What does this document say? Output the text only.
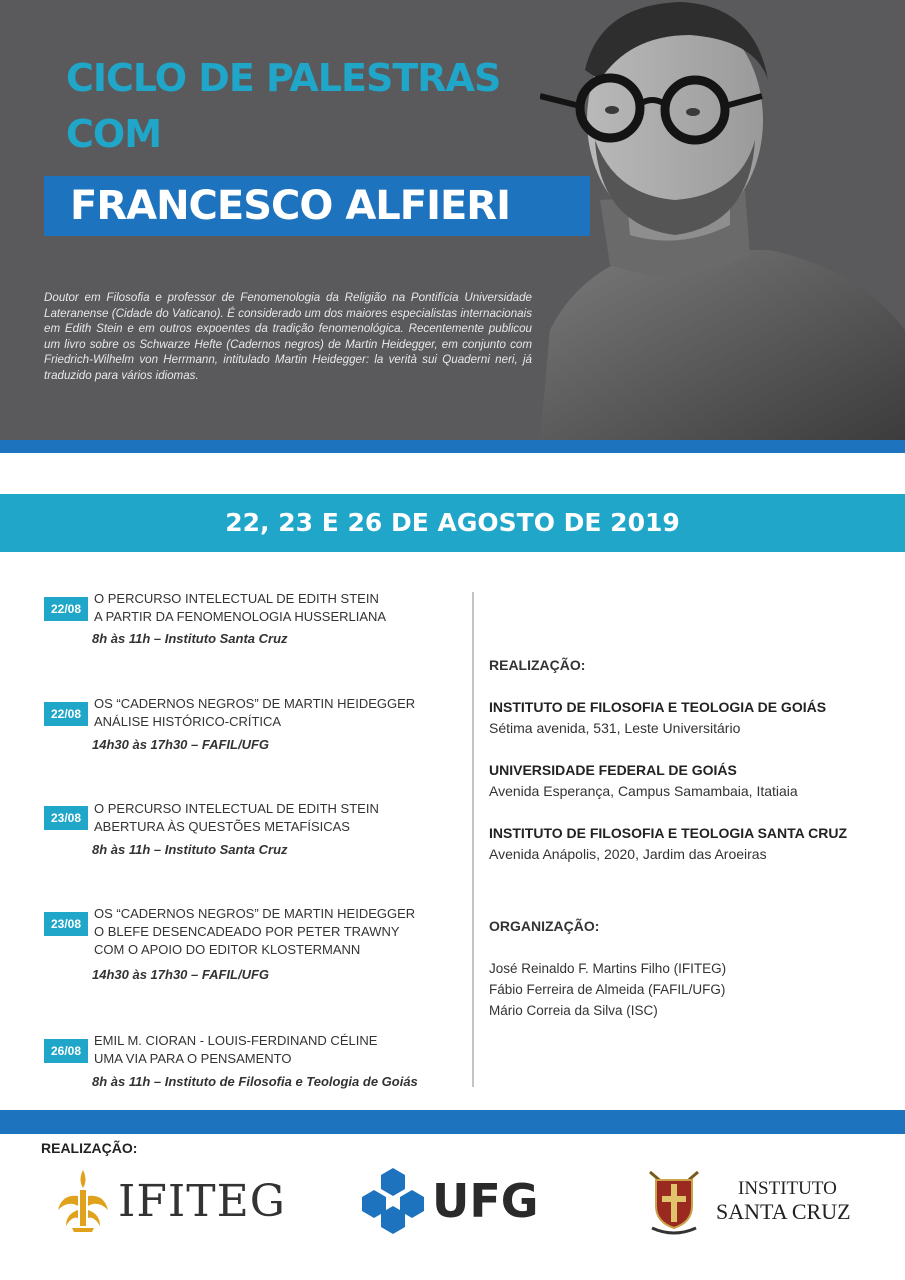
CICLO DE PALESTRAS
COM
FRANCESCO ALFIERI
Doutor em Filosofia e professor de Fenomenologia da Religião na Pontifícia Universidade Lateranense (Cidade do Vaticano). É considerado um dos maiores especialistas internacionais em Edith Stein e em outros expoentes da tradição fenomenológica. Recentemente publicou um livro sobre os Schwarze Hefte (Cadernos negros) de Martin Heidegger, em conjunto com Friedrich-Wilhelm von Herrmann, intitulado Martin Heidegger: la verità sui Quaderni neri, já traduzido para vários idiomas.
22, 23 E 26 DE AGOSTO DE 2019
22/08
O PERCURSO INTELECTUAL DE EDITH STEIN
A PARTIR DA FENOMENOLOGIA HUSSERLIANA
8h às 11h – Instituto Santa Cruz
22/08
OS “CADERNOS NEGROS” DE MARTIN HEIDEGGER
ANÁLISE HISTÓRICO-CRÍTICA
14h30 às 17h30 – FAFIL/UFG
23/08
O PERCURSO INTELECTUAL DE EDITH STEIN
ABERTURA ÀS QUESTÕES METAFÍSICAS
8h às 11h – Instituto Santa Cruz
23/08
OS “CADERNOS NEGROS” DE MARTIN HEIDEGGER
O BLEFE DESENCADEADO POR PETER TRAWNY
COM O APOIO DO EDITOR KLOSTERMANN
14h30 às 17h30 – FAFIL/UFG
26/08
EMIL M. CIORAN - LOUIS-FERDINAND CÉLINE
UMA VIA PARA O PENSAMENTO
8h às 11h – Instituto de Filosofia e Teologia de Goiás
REALIZAÇÃO:
INSTITUTO DE FILOSOFIA E TEOLOGIA DE GOIÁS
Sétima avenida, 531, Leste Universitário
UNIVERSIDADE FEDERAL DE GOIÁS
Avenida Esperança, Campus Samambaia, Itatiaia
INSTITUTO DE FILOSOFIA E TEOLOGIA SANTA CRUZ
Avenida Anápolis, 2020, Jardim das Aroeiras
ORGANIZAÇÃO:
José Reinaldo F. Martins Filho (IFITEG)
Fábio Ferreira de Almeida (FAFIL/UFG)
Mário Correia da Silva (ISC)
REALIZAÇÃO:
IFITEG	UFG	INSTITUTO
SANTA CRUZ
